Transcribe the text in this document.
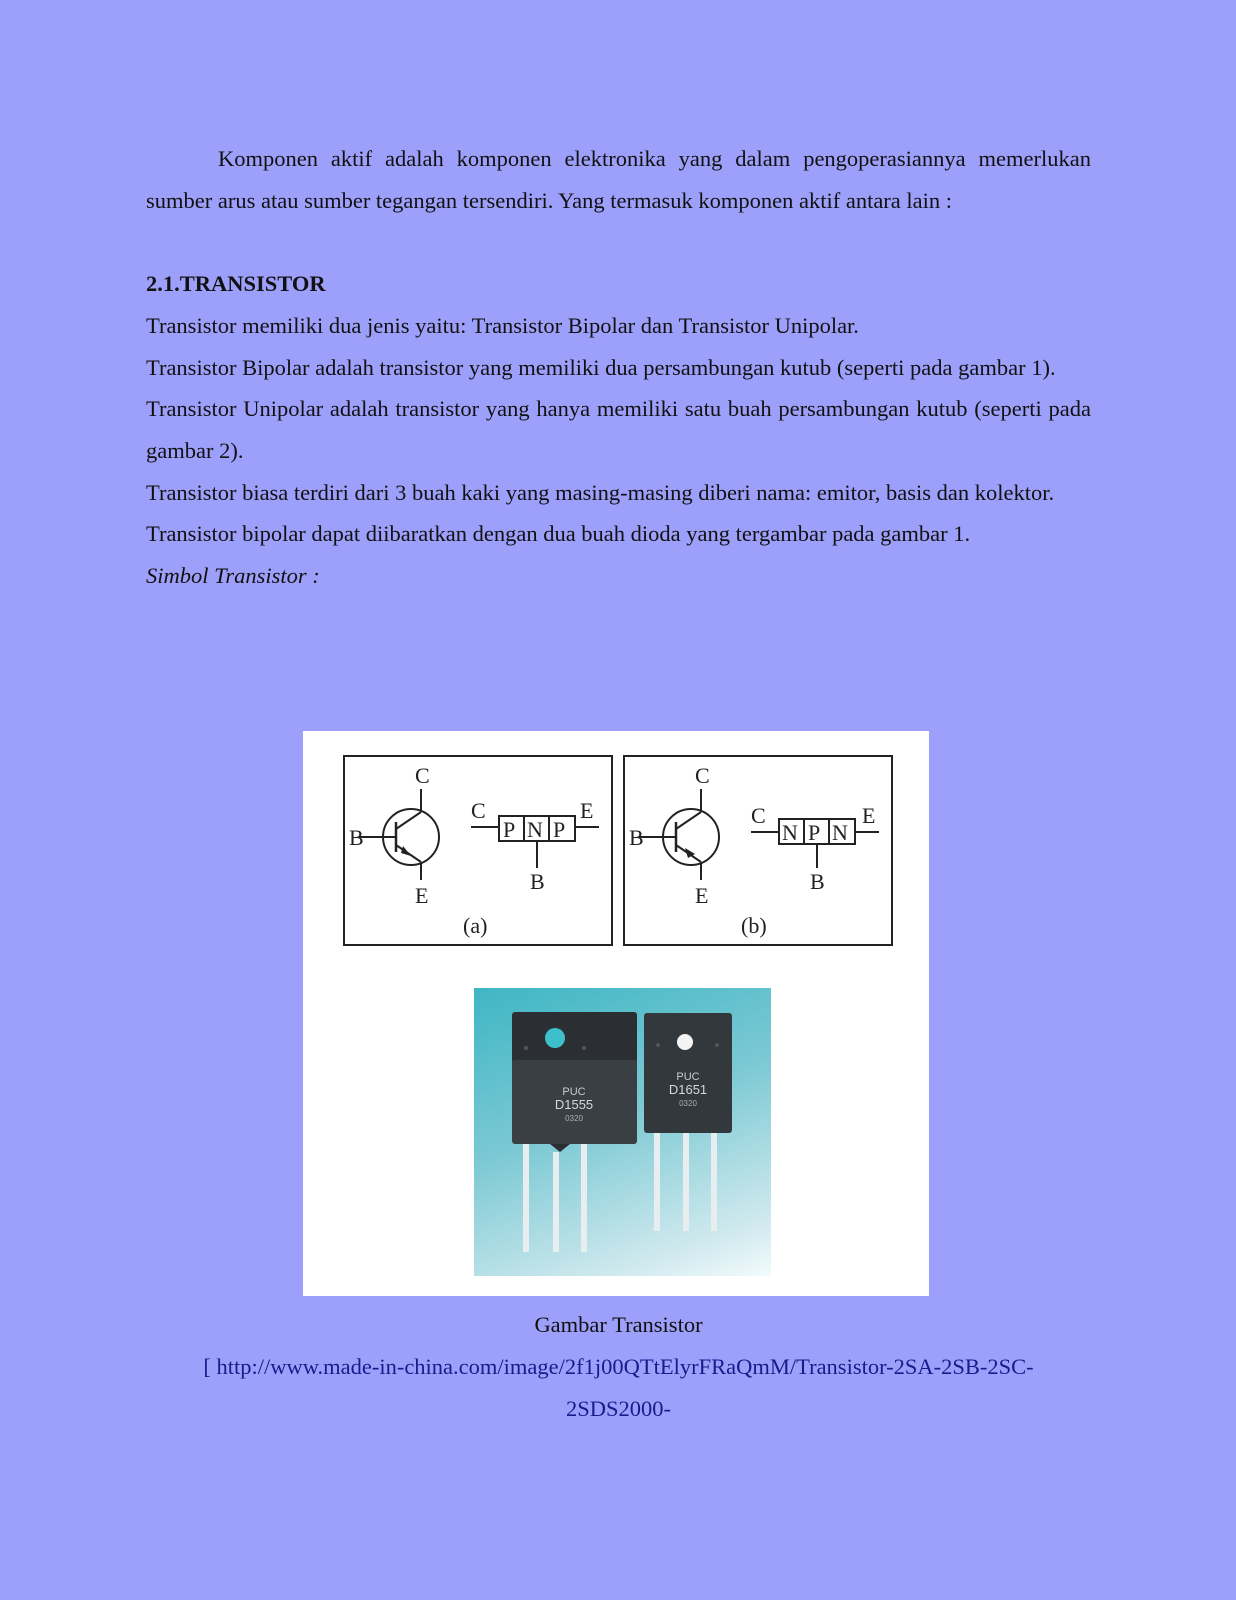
Komponen aktif adalah komponen elektronika yang dalam pengoperasiannya memerlukan sumber arus atau sumber tegangan tersendiri. Yang termasuk komponen aktif antara lain :

2.1.TRANSISTOR

Transistor memiliki dua jenis yaitu: Transistor Bipolar dan Transistor Unipolar.

Transistor Bipolar adalah transistor yang memiliki dua persambungan kutub (seperti pada gambar 1).

Transistor Unipolar adalah transistor yang hanya memiliki satu buah persambungan kutub (seperti pada gambar 2).

Transistor biasa terdiri dari 3 buah kaki yang masing-masing diberi nama: emitor, basis dan kolektor.

Transistor bipolar dapat diibaratkan dengan dua buah dioda yang tergambar pada gambar 1.

Simbol Transistor :

C
B
E
P N P
C	E
B
(a)
C
B
E
N P N
C	E
B
(b)
PUC
D1555
0320
PUC
D1651
0320
Gambar Transistor
[ http://www.made-in-china.com/image/2f1j00QTtElyrFRaQmM/Transistor-2SA-2SB-2SC-
2SDS2000-
